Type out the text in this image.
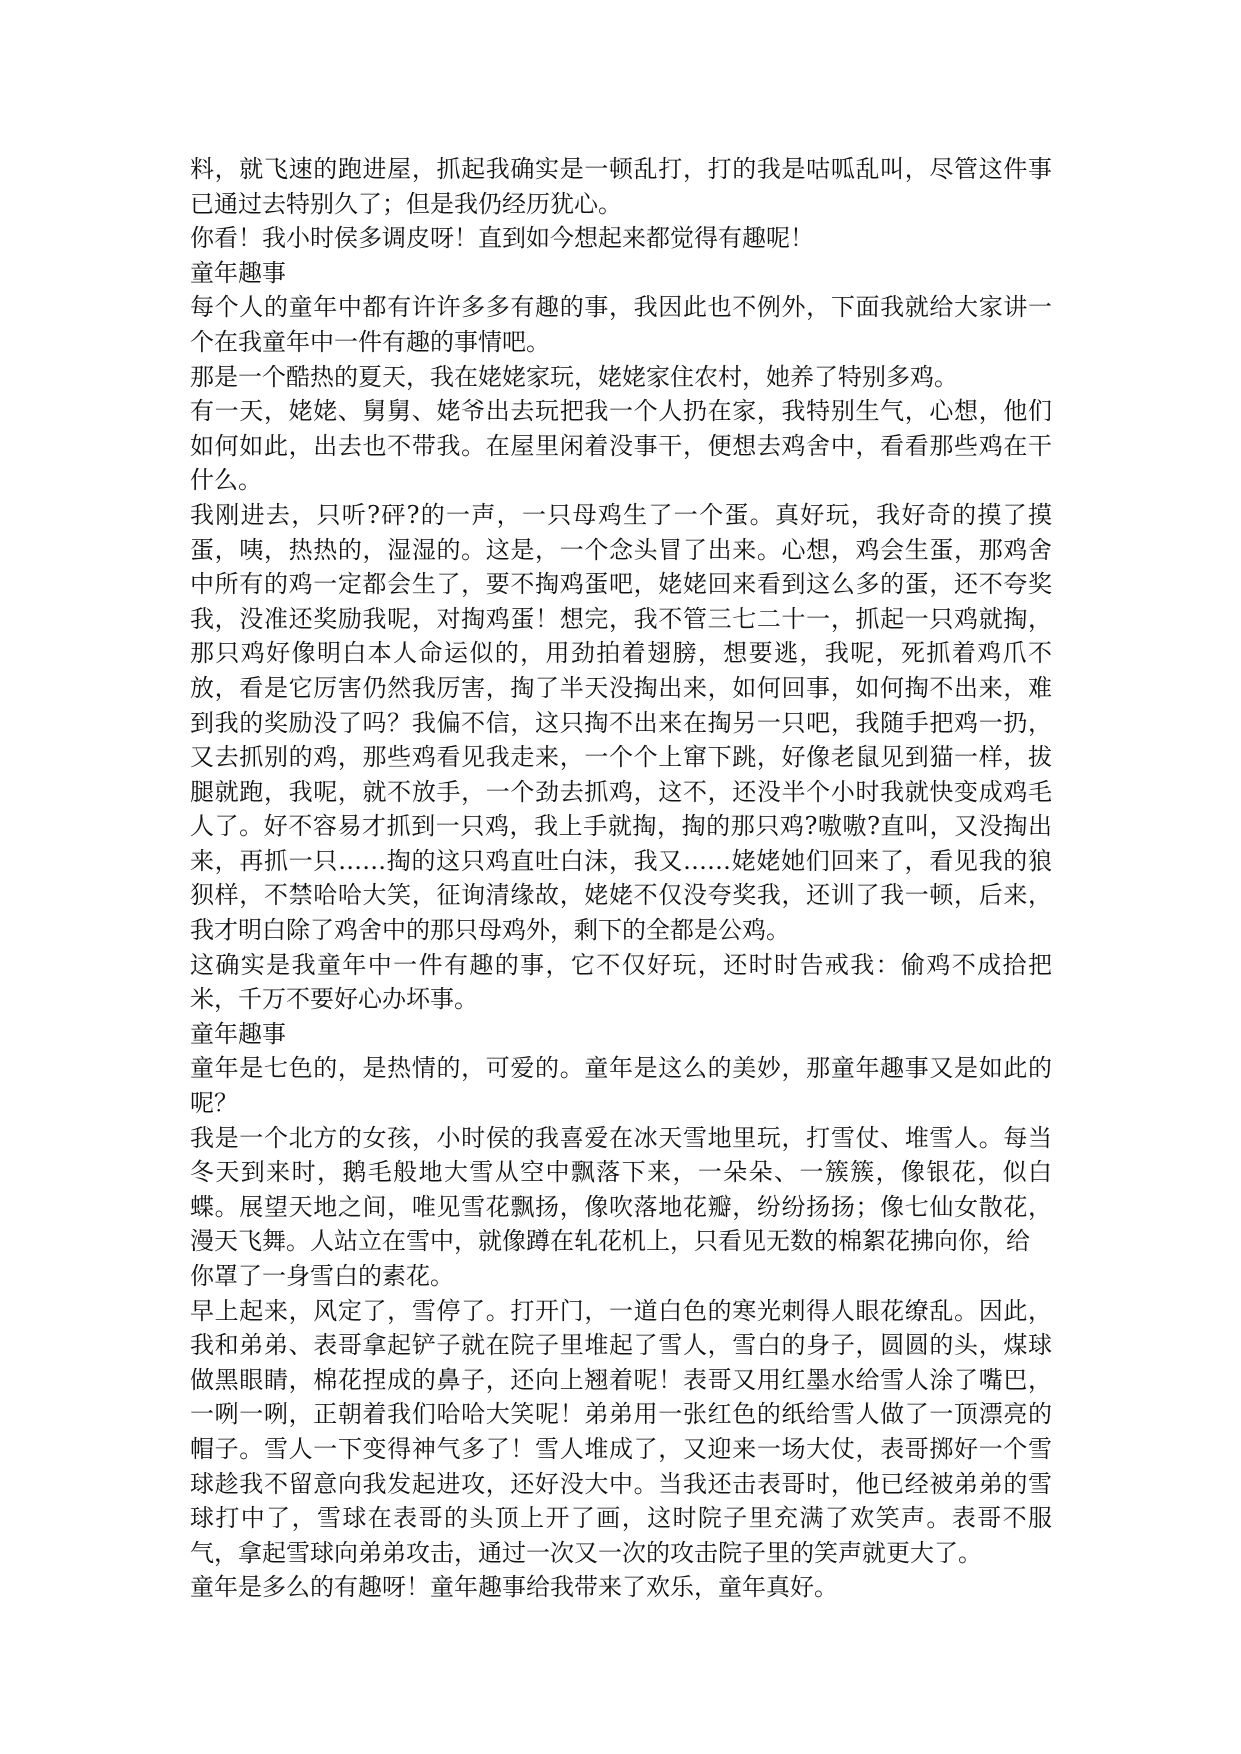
料，就飞速的跑进屋，抓起我确实是一顿乱打，打的我是咕呱乱叫，尽管这件事已通过去特别久了；但是我仍经历犹心。

你看！我小时侯多调皮呀！直到如今想起来都觉得有趣呢！

童年趣事

每个人的童年中都有许许多多有趣的事，我因此也不例外，下面我就给大家讲一个在我童年中一件有趣的事情吧。

那是一个酷热的夏天，我在姥姥家玩，姥姥家住农村，她养了特别多鸡。

有一天，姥姥、舅舅、姥爷出去玩把我一个人扔在家，我特别生气，心想，他们如何如此，出去也不带我。在屋里闲着没事干，便想去鸡舍中，看看那些鸡在干什么。

我刚进去，只听?砰?的一声，一只母鸡生了一个蛋。真好玩，我好奇的摸了摸蛋，咦，热热的，湿湿的。这是，一个念头冒了出来。心想，鸡会生蛋，那鸡舍中所有的鸡一定都会生了，要不掏鸡蛋吧，姥姥回来看到这么多的蛋，还不夸奖我，没准还奖励我呢，对掏鸡蛋！想完，我不管三七二十一，抓起一只鸡就掏，那只鸡好像明白本人命运似的，用劲拍着翅膀，想要逃，我呢，死抓着鸡爪不放，看是它厉害仍然我厉害，掏了半天没掏出来，如何回事，如何掏不出来，难到我的奖励没了吗？我偏不信，这只掏不出来在掏另一只吧，我随手把鸡一扔，又去抓别的鸡，那些鸡看见我走来，一个个上窜下跳，好像老鼠见到猫一样，拔腿就跑，我呢，就不放手，一个劲去抓鸡，这不，还没半个小时我就快变成鸡毛人了。好不容易才抓到一只鸡，我上手就掏，掏的那只鸡?嗷嗷?直叫，又没掏出来，再抓一只……掏的这只鸡直吐白沫，我又……姥姥她们回来了，看见我的狼狈样，不禁哈哈大笑，征询清缘故，姥姥不仅没夸奖我，还训了我一顿，后来，我才明白除了鸡舍中的那只母鸡外，剩下的全都是公鸡。

这确实是我童年中一件有趣的事，它不仅好玩，还时时告戒我：偷鸡不成拾把米，千万不要好心办坏事。

童年趣事

童年是七色的，是热情的，可爱的。童年是这么的美妙，那童年趣事又是如此的呢？

我是一个北方的女孩，小时侯的我喜爱在冰天雪地里玩，打雪仗、堆雪人。每当冬天到来时，鹅毛般地大雪从空中飘落下来，一朵朵、一簇簇，像银花，似白蝶。展望天地之间，唯见雪花飘扬，像吹落地花瓣，纷纷扬扬；像七仙女散花，漫天飞舞。人站立在雪中，就像蹲在轧花机上，只看见无数的棉絮花拂向你，给

你罩了一身雪白的素花。

早上起来，风定了，雪停了。打开门，一道白色的寒光刺得人眼花缭乱。因此，我和弟弟、表哥拿起铲子就在院子里堆起了雪人，雪白的身子，圆圆的头，煤球做黑眼睛，棉花捏成的鼻子，还向上翘着呢！表哥又用红墨水给雪人涂了嘴巴，一咧一咧，正朝着我们哈哈大笑呢！弟弟用一张红色的纸给雪人做了一顶漂亮的帽子。雪人一下变得神气多了！雪人堆成了，又迎来一场大仗，表哥掷好一个雪球趁我不留意向我发起进攻，还好没大中。当我还击表哥时，他已经被弟弟的雪球打中了，雪球在表哥的头顶上开了画，这时院子里充满了欢笑声。表哥不服气，拿起雪球向弟弟攻击，通过一次又一次的攻击院子里的笑声就更大了。

童年是多么的有趣呀！童年趣事给我带来了欢乐，童年真好。
